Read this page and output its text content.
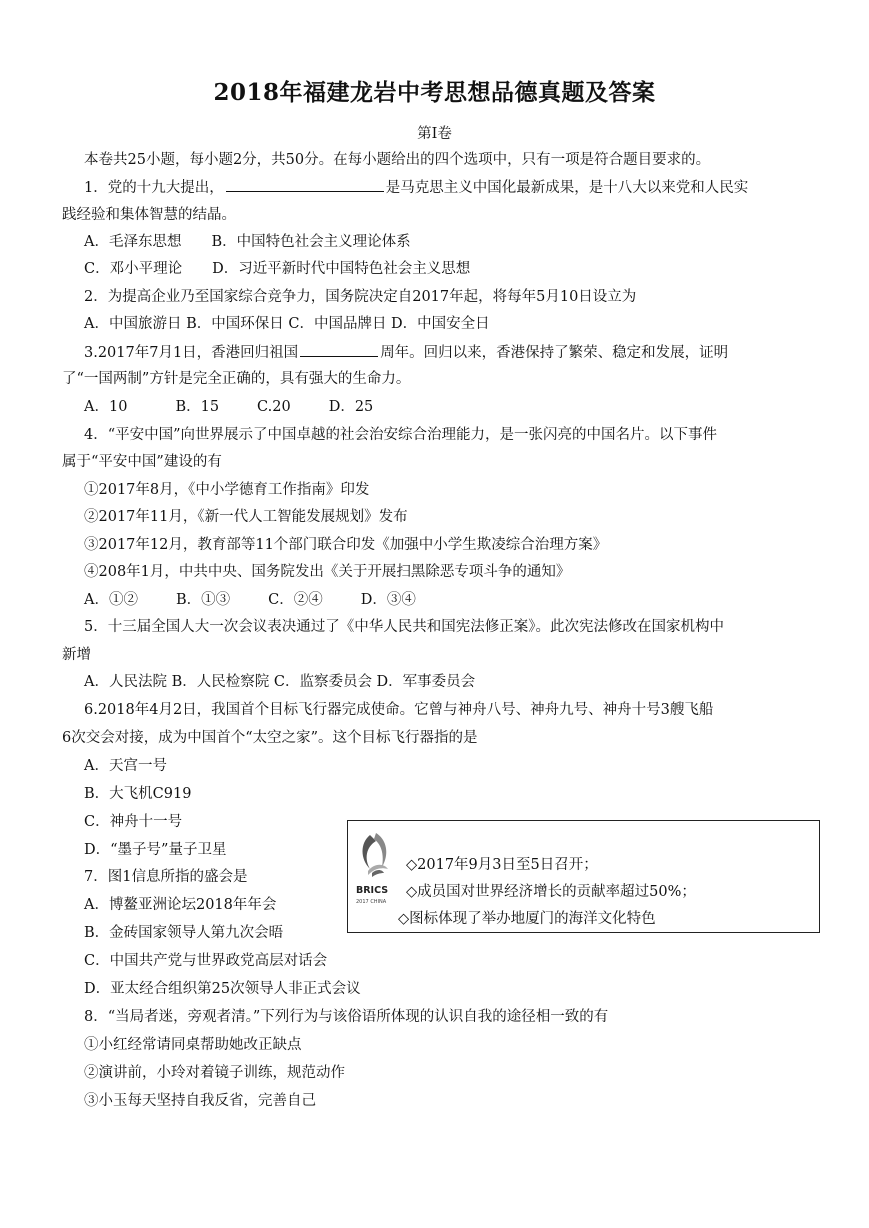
2018年福建龙岩中考思想品德真题及答案
第Ⅰ卷
本卷共25小题，每小题2分，共50分。在每小题给出的四个选项中，只有一项是符合题目要求的。
1．党的十九大提出，	是马克思主义中国化最新成果，是十八大以来党和人民实
践经验和集体智慧的结晶。
A．毛泽东思想 B．中国特色社会主义理论体系
C．邓小平理论 D．习近平新时代中国特色社会主义思想
2．为提高企业乃至国家综合竞争力，国务院决定自2017年起，将每年5月10日设立为
A．中国旅游日 B．中国环保日 C．中国品牌日 D．中国安全日
3.2017年7月1日，香港回归祖国	周年。回归以来，香港保持了繁荣、稳定和发展，证明
了“一国两制”方针是完全正确的，具有强大的生命力。
A．10	B．15	C.20	D．25
4．“平安中国”向世界展示了中国卓越的社会治安综合治理能力，是一张闪亮的中国名片。以下事件
属于“平安中国”建设的有
①2017年8月，《中小学德育工作指南》印发
②2017年11月，《新一代人工智能发展规划》发布
③2017年12月，教育部等11个部门联合印发《加强中小学生欺凌综合治理方案》
④208年1月，中共中央、国务院发出《关于开展扫黑除恶专项斗争的通知》
A．①②	B．①③	C．②④	D．③④
5．十三届全国人大一次会议表决通过了《中华人民共和国宪法修正案》。此次宪法修改在国家机构中
新增
A．人民法院 B．人民检察院 C．监察委员会 D．军事委员会
6.2018年4月2日，我国首个目标飞行器完成使命。它曾与神舟八号、神舟九号、神舟十号3艘飞船
6次交会对接，成为中国首个“太空之家”。这个目标飞行器指的是
A．天宫一号
B．大飞机C919
C．神舟十一号
D．“墨子号”量子卫星
7．图1信息所指的盛会是
A．博鳌亚洲论坛2018年年会
B．金砖国家领导人第九次会晤
C．中国共产党与世界政党高层对话会
D．亚太经合组织第25次领导人非正式会议
BRICS
2017 CHINA
◇2017年9月3日至5日召开；
◇成员国对世界经济增长的贡献率超过50%；
◇图标体现了举办地厦门的海洋文化特色
8．“当局者迷，旁观者清。”下列行为与该俗语所体现的认识自我的途径相一致的有
①小红经常请同桌帮助她改正缺点
②演讲前，小玲对着镜子训练，规范动作
③小玉每天坚持自我反省，完善自己
